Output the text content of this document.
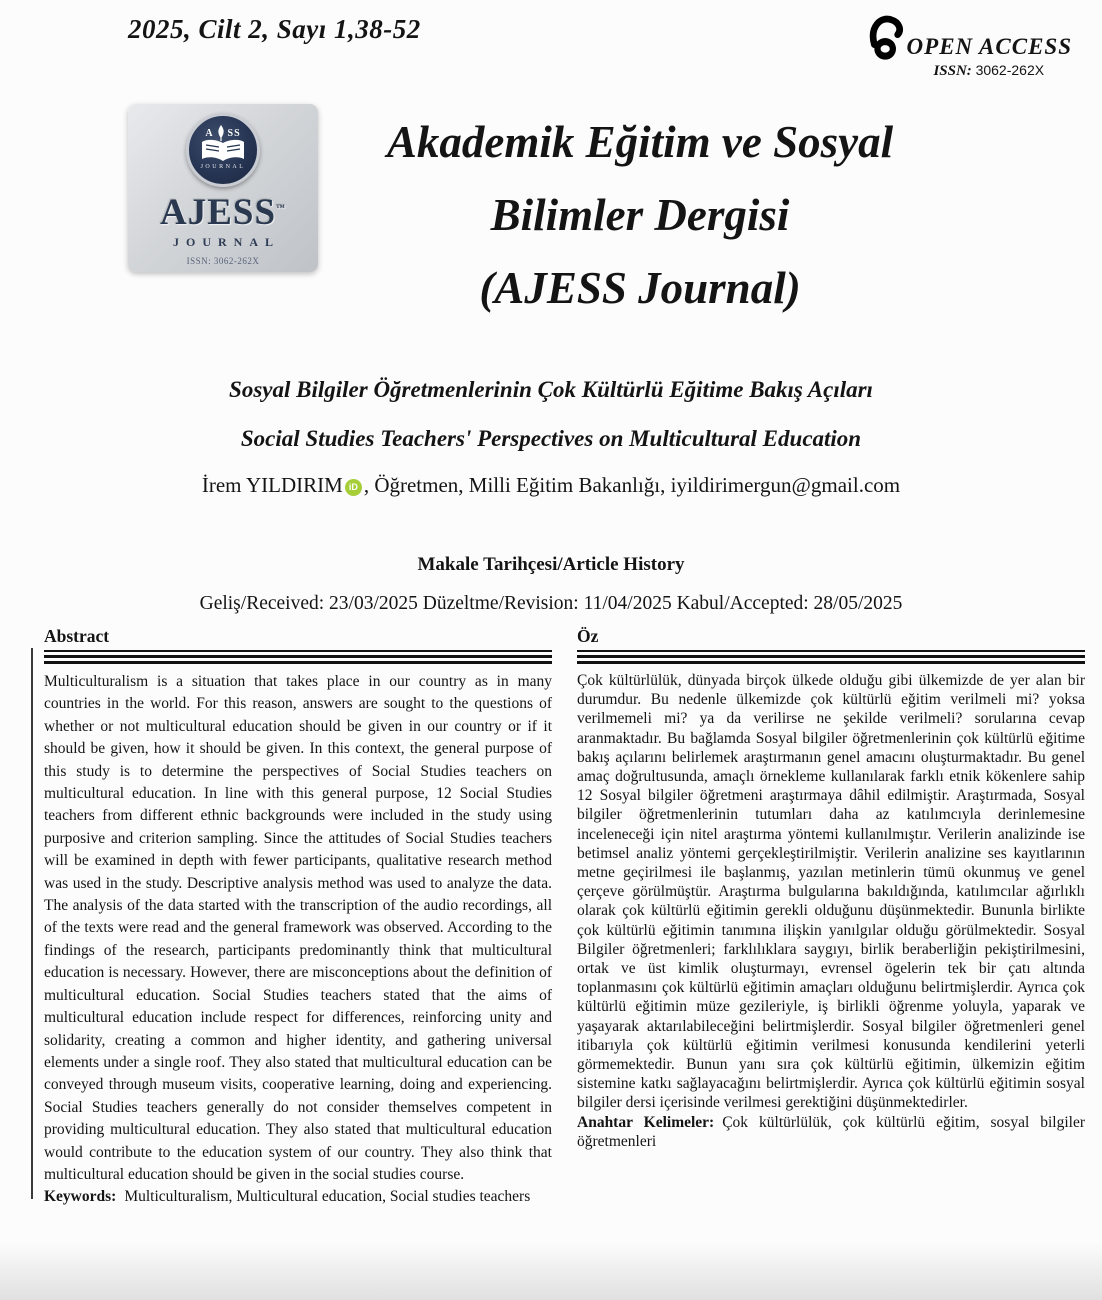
2025, Cilt 2, Sayı 1,38-52
OPEN ACCESS
ISSN: 3062-262X
A SS
JOURNAL
AJESS™
JOURNAL
ISSN: 3062-262X
Akademik Eğitim ve Sosyal
Bilimler Dergisi
(AJESS Journal)
Sosyal Bilgiler Öğretmenlerinin Çok Kültürlü Eğitime Bakış Açıları
Social Studies Teachers' Perspectives on Multicultural Education
İrem YILDIRIM iD , Öğretmen, Milli Eğitim Bakanlığı, iyildirimergun@gmail.com
Makale Tarihçesi/Article History
Geliş/Received: 23/03/2025 Düzeltme/Revision: 11/04/2025 Kabul/Accepted: 28/05/2025
Abstract
Multiculturalism is a situation that takes place in our country as in many countries in the world. For this reason, answers are sought to the questions of whether or not multicultural education should be given in our country or if it should be given, how it should be given. In this context, the general purpose of this study is to determine the perspectives of Social Studies teachers on multicultural education. In line with this general purpose, 12 Social Studies teachers from different ethnic backgrounds were included in the study using purposive and criterion sampling. Since the attitudes of Social Studies teachers will be examined in depth with fewer participants, qualitative research method was used in the study. Descriptive analysis method was used to analyze the data. The analysis of the data started with the transcription of the audio recordings, all of the texts were read and the general framework was observed. According to the findings of the research, participants predominantly think that multicultural education is necessary. However, there are misconceptions about the definition of multicultural education. Social Studies teachers stated that the aims of multicultural education include respect for differences, reinforcing unity and solidarity, creating a common and higher identity, and gathering universal elements under a single roof. They also stated that multicultural education can be conveyed through museum visits, cooperative learning, doing and experiencing. Social Studies teachers generally do not consider themselves competent in providing multicultural education. They also stated that multicultural education would contribute to the education system of our country. They also think that multicultural education should be given in the social studies course.
Keywords: Multiculturalism, Multicultural education, Social studies teachers
Öz
Çok kültürlülük, dünyada birçok ülkede olduğu gibi ülkemizde de yer alan bir durumdur. Bu nedenle ülkemizde çok kültürlü eğitim verilmeli mi? yoksa verilmemeli mi? ya da verilirse ne şekilde verilmeli? sorularına cevap aranmaktadır. Bu bağlamda Sosyal bilgiler öğretmenlerinin çok kültürlü eğitime bakış açılarını belirlemek araştırmanın genel amacını oluşturmaktadır. Bu genel amaç doğrultusunda, amaçlı örnekleme kullanılarak farklı etnik kökenlere sahip 12 Sosyal bilgiler öğretmeni araştırmaya dâhil edilmiştir. Araştırmada, Sosyal bilgiler öğretmenlerinin tutumları daha az katılımcıyla derinlemesine inceleneceği için nitel araştırma yöntemi kullanılmıştır. Verilerin analizinde ise betimsel analiz yöntemi gerçekleştirilmiştir. Verilerin analizine ses kayıtlarının metne geçirilmesi ile başlanmış, yazılan metinlerin tümü okunmuş ve genel çerçeve görülmüştür. Araştırma bulgularına bakıldığında, katılımcılar ağırlıklı olarak çok kültürlü eğitimin gerekli olduğunu düşünmektedir. Bununla birlikte çok kültürlü eğitimin tanımına ilişkin yanılgılar olduğu görülmektedir. Sosyal Bilgiler öğretmenleri; farklılıklara saygıyı, birlik beraberliğin pekiştirilmesini, ortak ve üst kimlik oluşturmayı, evrensel ögelerin tek bir çatı altında toplanmasını çok kültürlü eğitimin amaçları olduğunu belirtmişlerdir. Ayrıca çok kültürlü eğitimin müze gezileriyle, iş birlikli öğrenme yoluyla, yaparak ve yaşayarak aktarılabileceğini belirtmişlerdir. Sosyal bilgiler öğretmenleri genel itibarıyla çok kültürlü eğitimin verilmesi konusunda kendilerini yeterli görmemektedir. Bunun yanı sıra çok kültürlü eğitimin, ülkemizin eğitim sistemine katkı sağlayacağını belirtmişlerdir. Ayrıca çok kültürlü eğitimin sosyal bilgiler dersi içerisinde verilmesi gerektiğini düşünmektedirler.
Anahtar Kelimeler: Çok kültürlülük, çok kültürlü eğitim, sosyal bilgiler öğretmenleri
